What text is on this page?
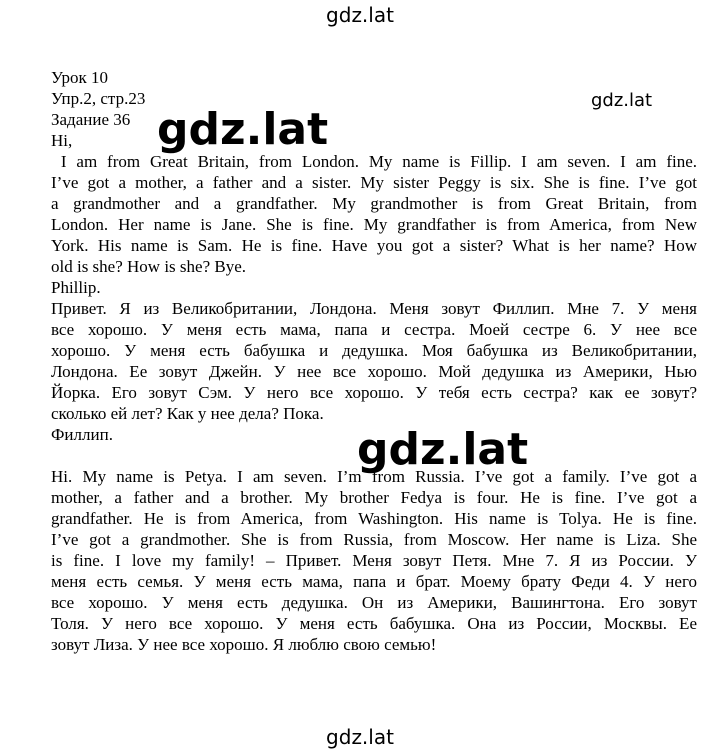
gdz.lat
gdz.lat
Урок 10
Упр.2, стр.23
Задание 36
Hi,
I am from Great Britain, from London. My name is Fillip. I am seven. I am fine.
I’ve got a mother, a father and a sister. My sister Peggy is six. She is fine. I’ve got
a grandmother and a grandfather. My grandmother is from Great Britain, from
London. Her name is Jane. She is fine. My grandfather is from America, from New
York. His name is Sam. He is fine. Have you got a sister? What is her name? How
old is she? How is she? Bye.
Phillip.
Привет. Я из Великобритании, Лондона. Меня зовут Филлип. Мне 7. У меня
все хорошо. У меня есть мама, папа и сестра. Моей сестре 6. У нее все
хорошо. У меня есть бабушка и дедушка. Моя бабушка из Великобритании,
Лондона. Ее зовут Джейн. У нее все хорошо. Мой дедушка из Америки, Нью
Йорка. Его зовут Сэм. У него все хорошо. У тебя есть сестра? как ее зовут?
сколько ей лет? Как у нее дела? Пока.
Филлип.
Hi. My name is Petya. I am seven. I’m from Russia. I’ve got a family. I’ve got a
mother, a father and a brother. My brother Fedya is four. He is fine. I’ve got a
grandfather. He is from America, from Washington. His name is Tolya. He is fine.
I’ve got a grandmother. She is from Russia, from Moscow. Her name is Liza. She
is fine. I love my family! – Привет. Меня зовут Петя. Мне 7. Я из России. У
меня есть семья. У меня есть мама, папа и брат. Моему брату Феди 4. У него
все хорошо. У меня есть дедушка. Он из Америки, Вашингтона. Его зовут
Толя. У него все хорошо. У меня есть бабушка. Она из России, Москвы. Ее
зовут Лиза. У нее все хорошо. Я люблю свою семью!
gdz.lat
gdz.lat
gdz.lat
